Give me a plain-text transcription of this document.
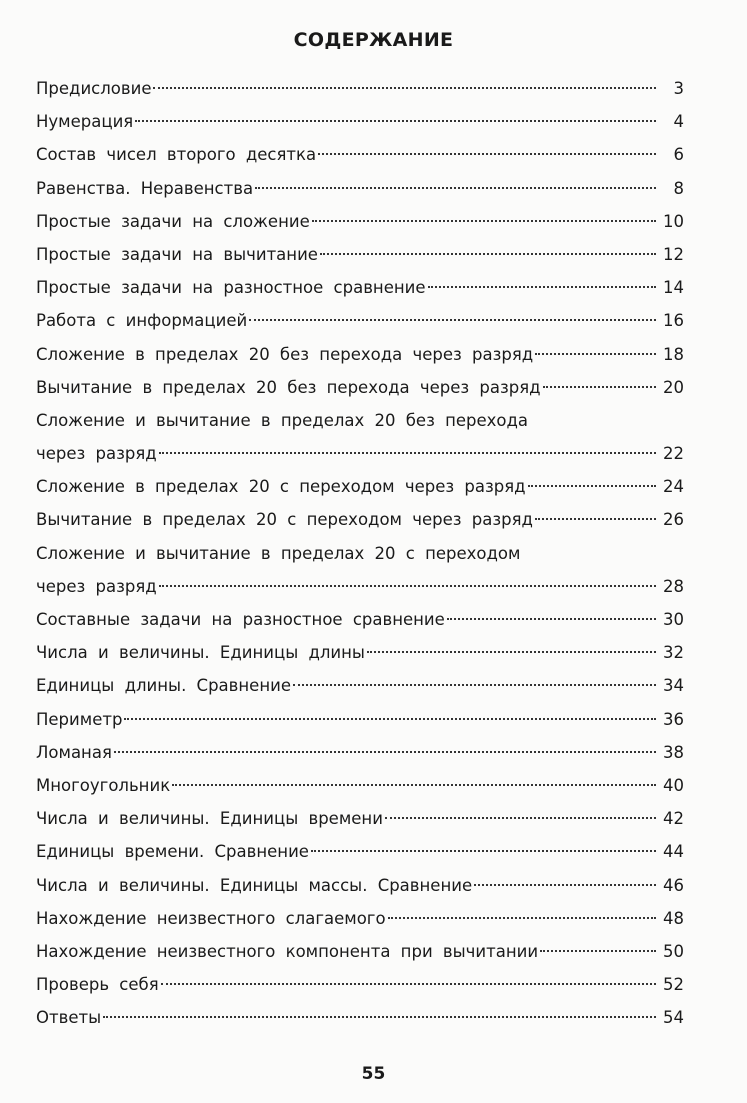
СОДЕРЖАНИЕ
Предисловие	3
Нумерация	4
Состав чисел второго десятка	6
Равенства. Неравенства	8
Простые задачи на сложение	10
Простые задачи на вычитание	12
Простые задачи на разностное сравнение	14
Работа с информацией	16
Сложение в пределах 20 без перехода через разряд	18
Вычитание в пределах 20 без перехода через разряд	20
Сложение и вычитание в пределах 20 без перехода
через разряд	22
Сложение в пределах 20 с переходом через разряд	24
Вычитание в пределах 20 с переходом через разряд	26
Сложение и вычитание в пределах 20 с переходом
через разряд	28
Составные задачи на разностное сравнение	30
Числа и величины. Единицы длины	32
Единицы длины. Сравнение	34
Периметр	36
Ломаная	38
Многоугольник	40
Числа и величины. Единицы времени	42
Единицы времени. Сравнение	44
Числа и величины. Единицы массы. Сравнение	46
Нахождение неизвестного слагаемого	48
Нахождение неизвестного компонента при вычитании	50
Проверь себя	52
Ответы	54
55
